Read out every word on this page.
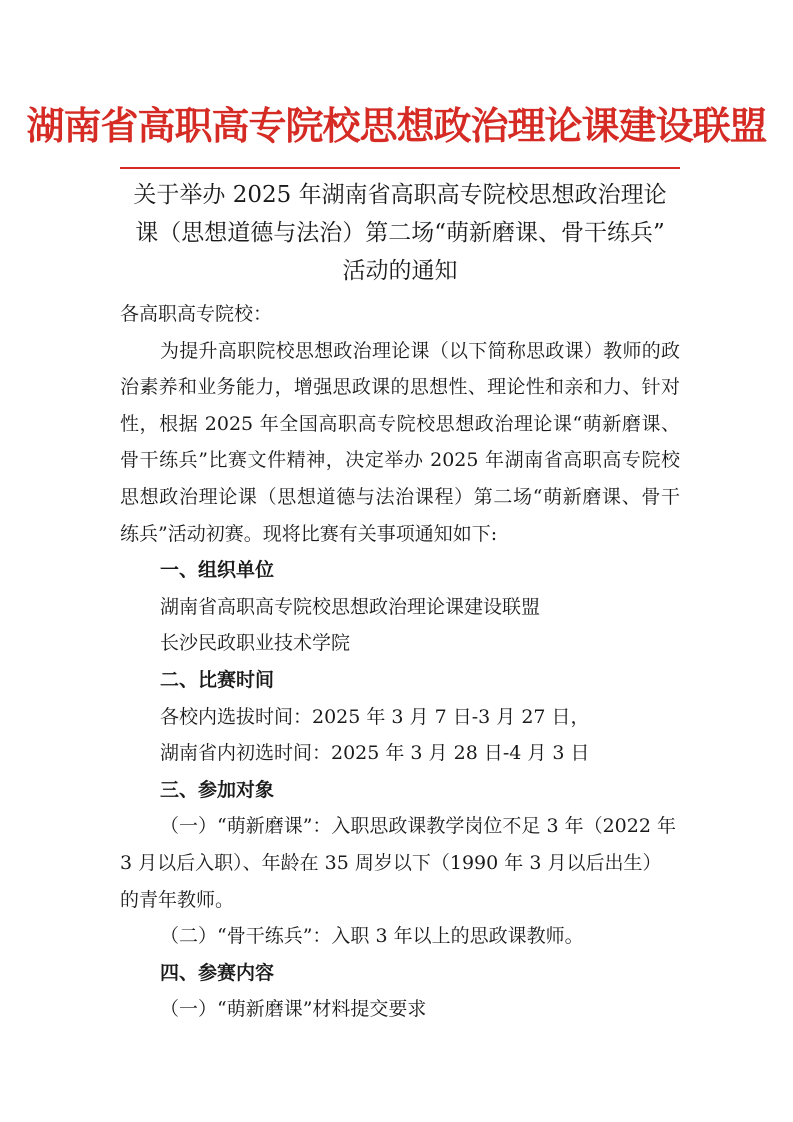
湖南省高职高专院校思想政治理论课建设联盟
关于举办 2025 年湖南省高职高专院校思想政治理论
课（思想道德与法治）第二场“萌新磨课、骨干练兵”
活动的通知

各高职高专院校：

为提升高职院校思想政治理论课（以下简称思政课）教师的政治素养和业务能力，增强思政课的思想性、理论性和亲和力、针对性，根据 2025 年全国高职高专院校思想政治理论课“萌新磨课、骨干练兵”比赛文件精神，决定举办 2025 年湖南省高职高专院校思想政治理论课（思想道德与法治课程）第二场“萌新磨课、骨干练兵”活动初赛。现将比赛有关事项通知如下:

一、组织单位

湖南省高职高专院校思想政治理论课建设联盟

长沙民政职业技术学院

二、比赛时间

各校内选拔时间：2025 年 3 月 7 日-3 月 27 日，

湖南省内初选时间：2025 年 3 月 28 日-4 月 3 日

三、参加对象

（一）“萌新磨课”：入职思政课教学岗位不足 3 年（2022 年 3 月以后入职）、年龄在 35 周岁以下（1990 年 3 月以后出生）的青年教师。

（二）“骨干练兵”：入职 3 年以上的思政课教师。

四、参赛内容

（一）“萌新磨课”材料提交要求
